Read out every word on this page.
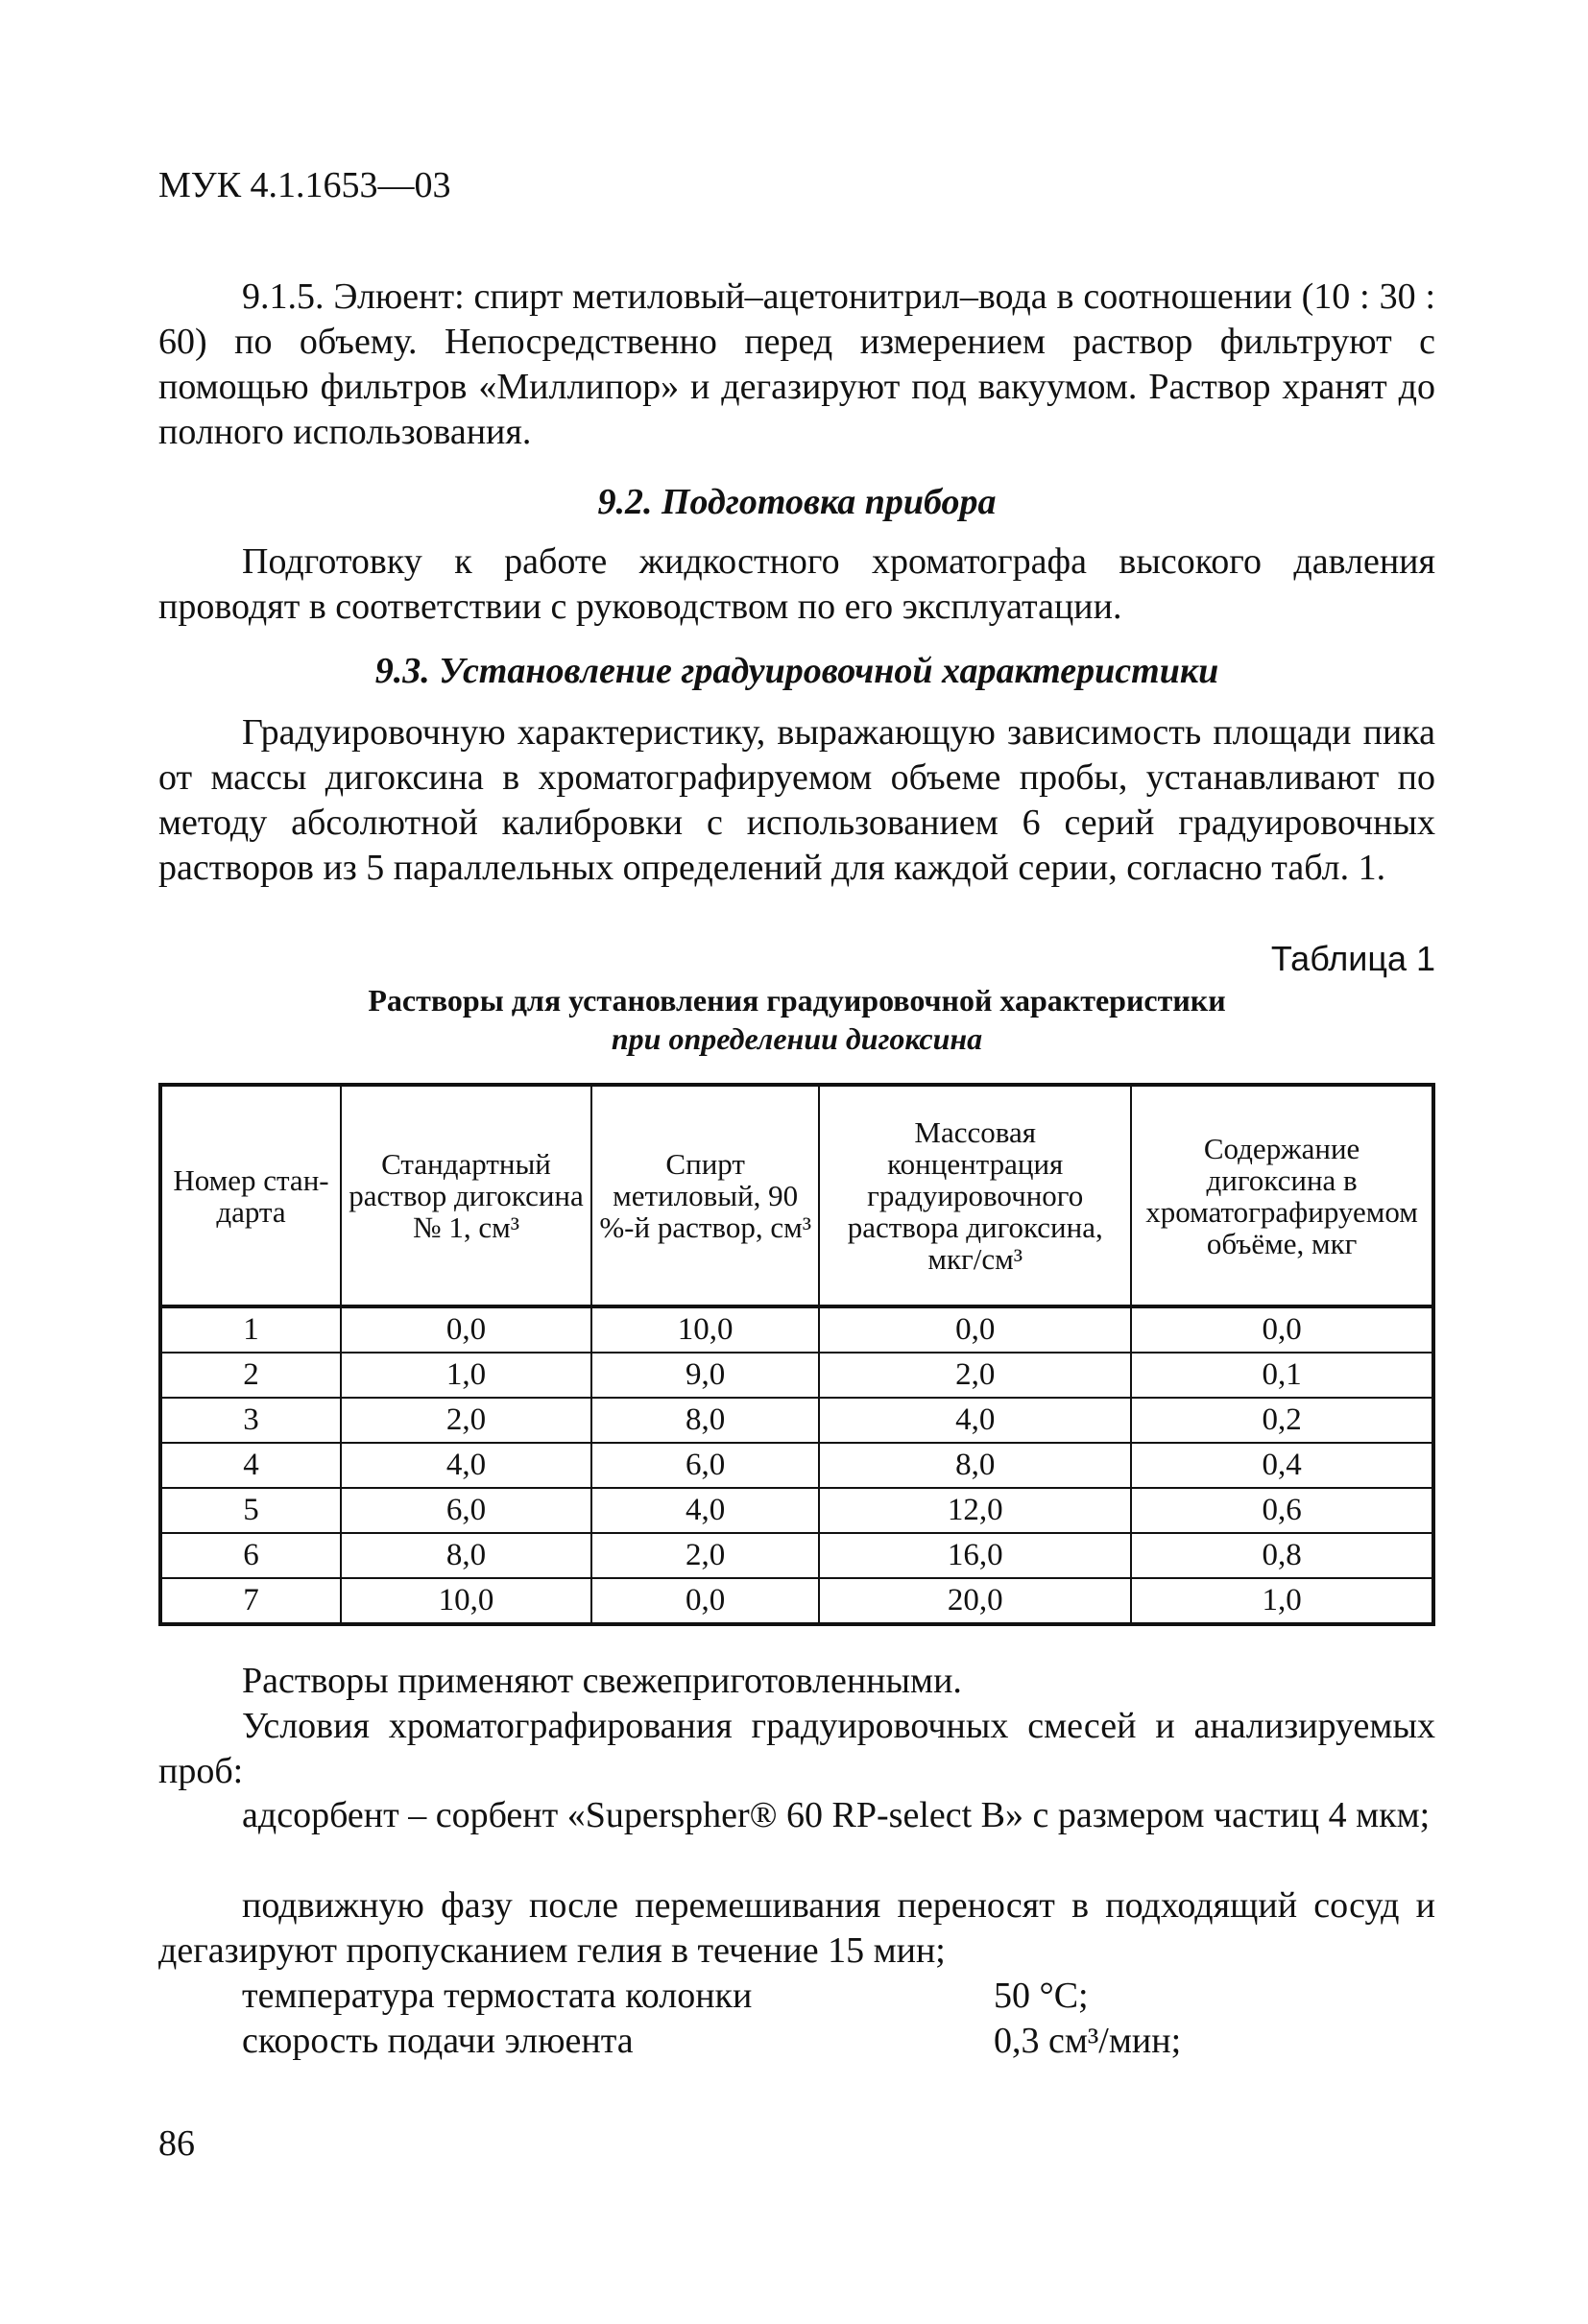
МУК 4.1.1653—03
9.1.5. Элюент: спирт метиловый–ацетонитрил–вода в соотношении (10 : 30 : 60) по объему. Непосредственно перед измерением раствор фильтруют с помощью фильтров «Миллипор» и дегазируют под вакуумом. Раствор хранят до полного использования.
9.2. Подготовка прибора
Подготовку к работе жидкостного хроматографа высокого давления проводят в соответствии с руководством по его эксплуатации.
9.3. Установление градуировочной характеристики
Градуировочную характеристику, выражающую зависимость площади пика от массы дигоксина в хроматографируемом объеме пробы, устанавливают по методу абсолютной калибровки с использованием 6 серий градуировочных растворов из 5 параллельных определений для каждой серии, согласно табл. 1.
Таблица 1
Растворы для установления градуировочной характеристики
при определении дигоксина
Номер стан-дарта	Стандартный раствор дигоксина № 1, см³	Спирт метиловый, 90 %-й раствор, см³	Массовая концентрация градуировочного раствора дигоксина, мкг/см³	Содержание дигоксина в хроматографируемом объёме, мкг
1	0,0	10,0	0,0	0,0
2	1,0	9,0	2,0	0,1
3	2,0	8,0	4,0	0,2
4	4,0	6,0	8,0	0,4
5	6,0	4,0	12,0	0,6
6	8,0	2,0	16,0	0,8
7	10,0	0,0	20,0	1,0
Растворы применяют свежеприготовленными.
Условия хроматографирования градуировочных смесей и анализируемых проб:
адсорбент – сорбент «Superspher® 60 RP-select B» с размером частиц 4 мкм;
подвижную фазу после перемешивания переносят в подходящий сосуд и дегазируют пропусканием гелия в течение 15 мин;
температура термостата колонки	50 °С;
скорость подачи элюента	0,3 см³/мин;
86
